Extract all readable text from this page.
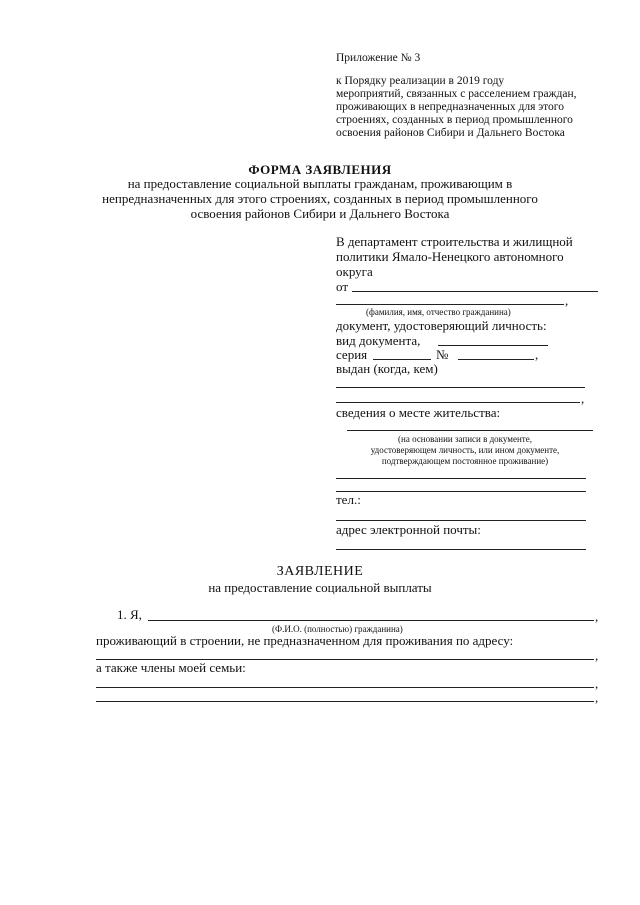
Приложение № 3
к Порядку реализации в 2019 году
мероприятий, связанных с расселением граждан,
проживающих в непредназначенных для этого
строениях, созданных в период промышленного
освоения районов Сибири и Дальнего Востока
ФОРМА ЗАЯВЛЕНИЯ
на предоставление социальной выплаты гражданам, проживающим в
непредназначенных для этого строениях, созданных в период промышленного
освоения районов Сибири и Дальнего Востока
В департамент строительства и жилищной
политики Ямало-Ненецкого автономного
округа
от
,
(фамилия, имя, отчество гражданина)
документ, удостоверяющий личность:
вид документа,
серия	№	,
выдан (когда, кем)
,
сведения о месте жительства:
(на основании записи в документе,
удостоверяющем личность, или ином документе,
подтверждающем постоянное проживание)
тел.:
адрес электронной почты:
ЗАЯВЛЕНИЕ
на предоставление социальной выплаты
1. Я,	,
(Ф.И.О. (полностью) гражданина)
проживающий в строении, не предназначенном для проживания по адресу:
,
а также члены моей семьи:
,
,
